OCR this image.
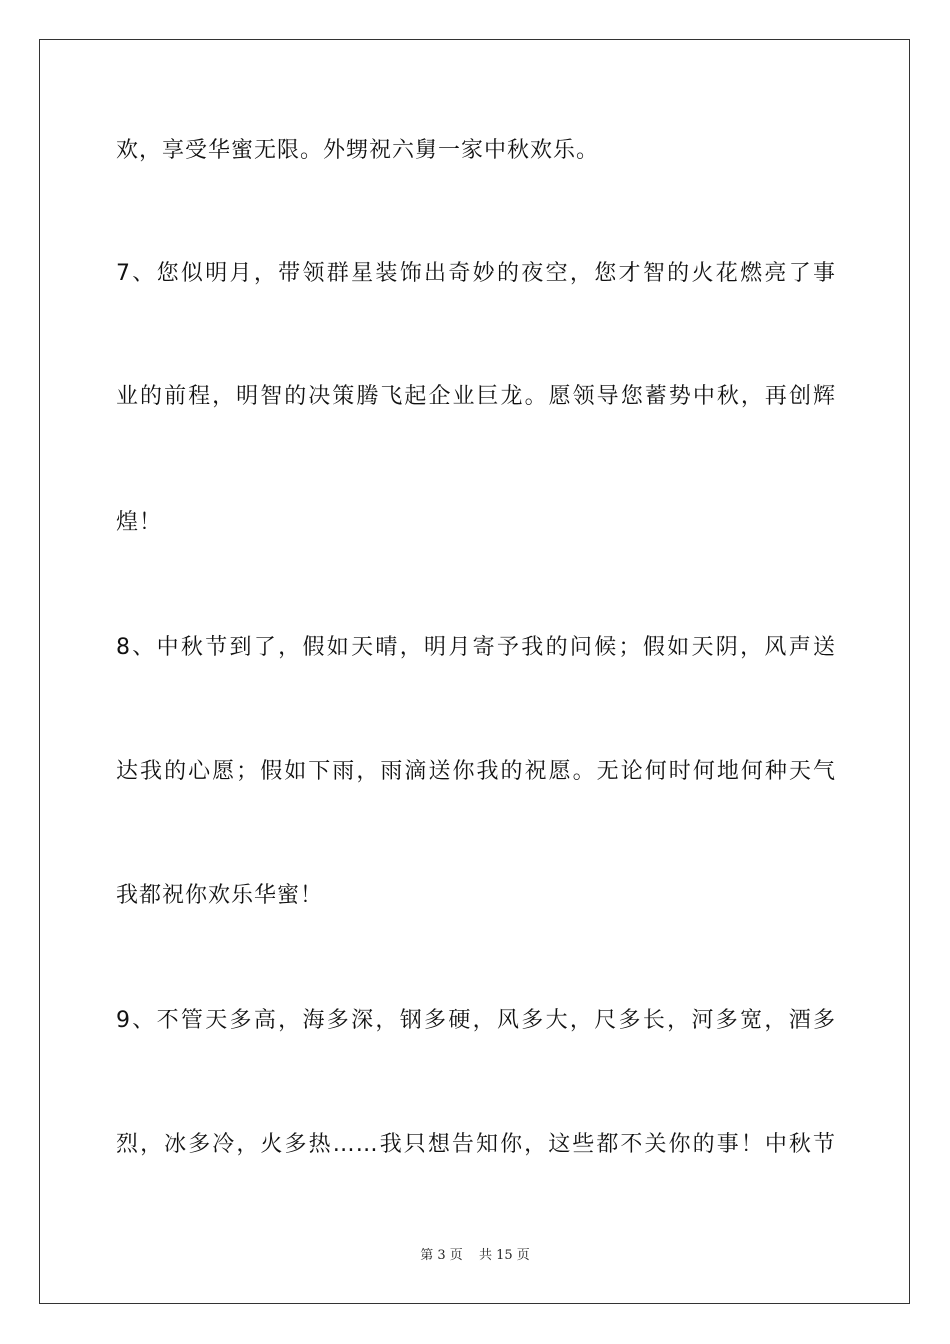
欢，享受华蜜无限。外甥祝六舅一家中秋欢乐。
7、您似明月，带领群星装饰出奇妙的夜空，您才智的火花燃亮了事
业的前程，明智的决策腾飞起企业巨龙。愿领导您蓄势中秋，再创辉
煌！
8、中秋节到了，假如天晴，明月寄予我的问候；假如天阴，风声送
达我的心愿；假如下雨，雨滴送你我的祝愿。无论何时何地何种天气
我都祝你欢乐华蜜！
9、不管天多高，海多深，钢多硬，风多大，尺多长，河多宽，酒多
烈，冰多冷，火多热……我只想告知你，这些都不关你的事！中秋节
第 3 页 共 15 页
